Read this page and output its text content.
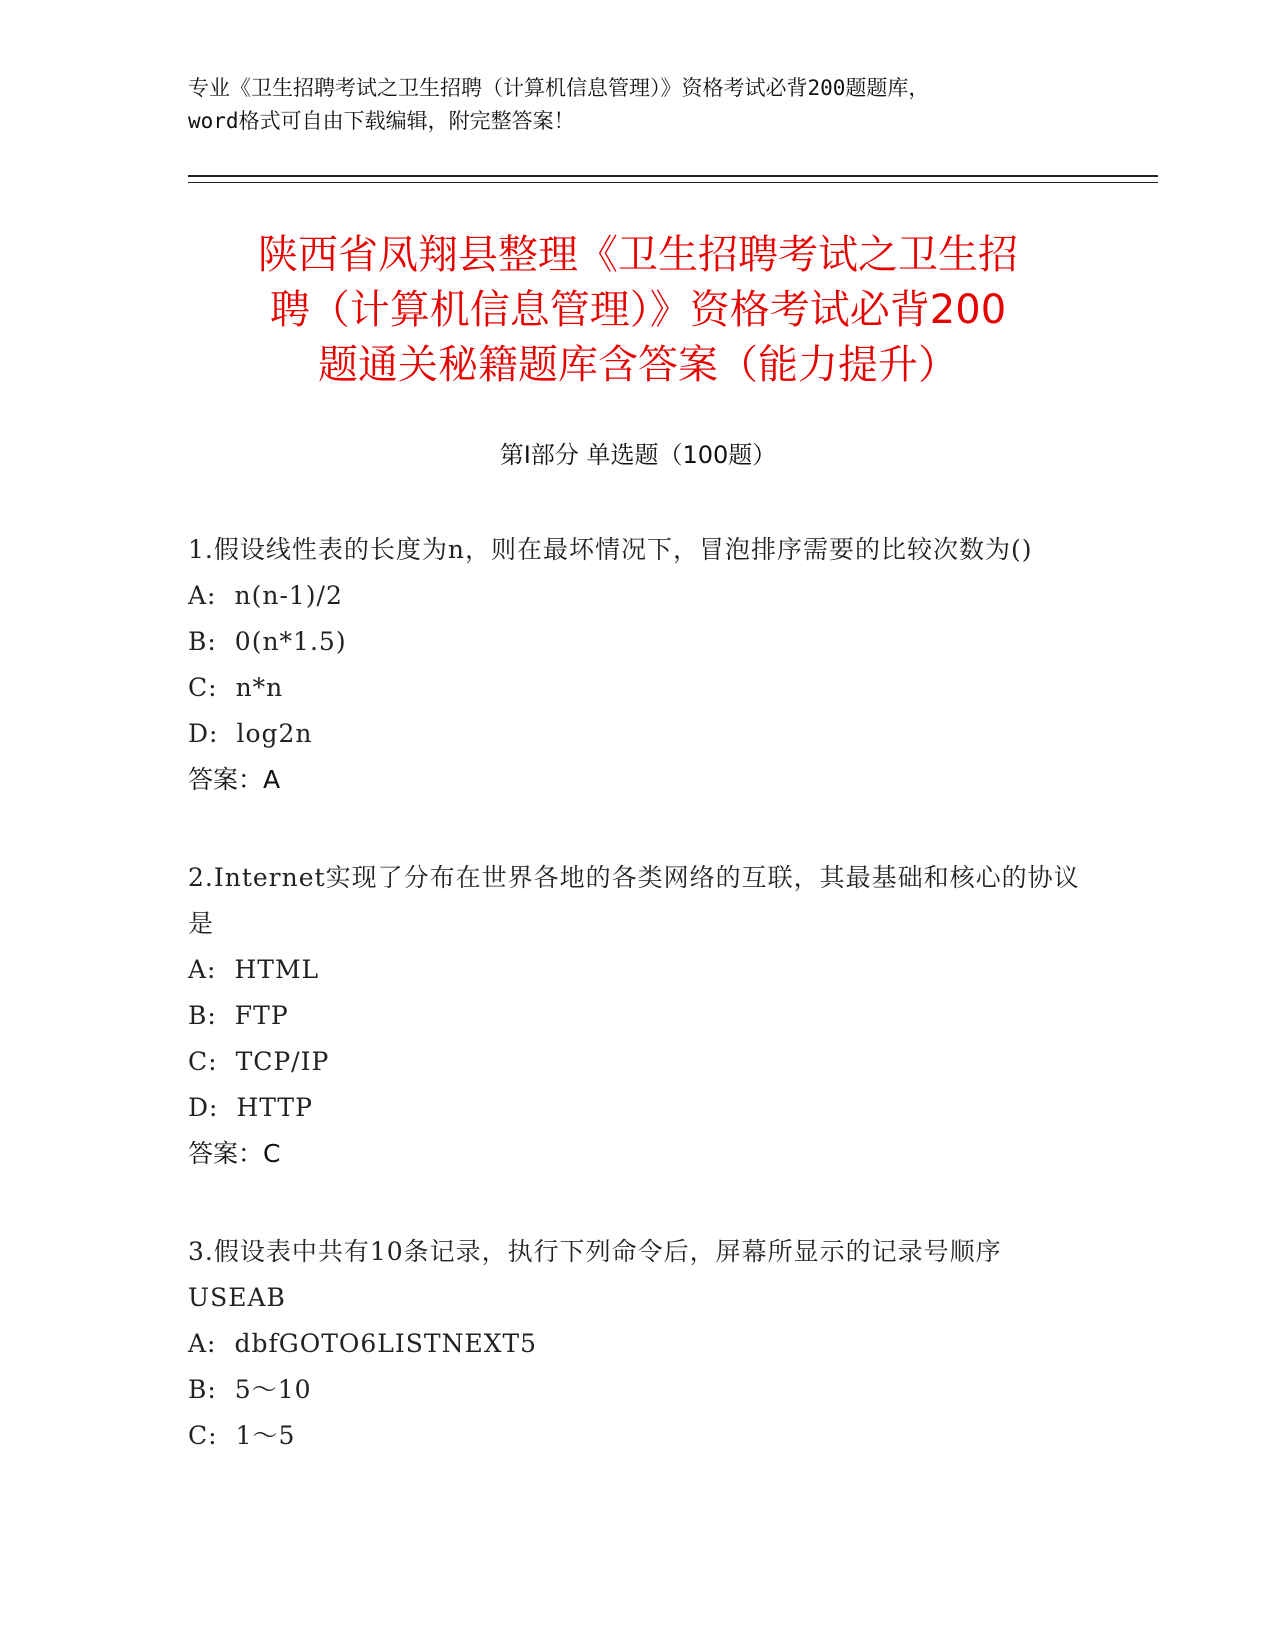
专业《卫生招聘考试之卫生招聘（计算机信息管理）》资格考试必背200题题库，
word格式可自由下载编辑，附完整答案！
陕西省凤翔县整理《卫生招聘考试之卫生招
聘（计算机信息管理）》资格考试必背200
题通关秘籍题库含答案（能力提升）
第I部分 单选题（100题）
1.假设线性表的长度为n，则在最坏情况下，冒泡排序需要的比较次数为()
A: n(n-1)/2
B: 0(n*1.5)
C: n*n
D: log2n
答案：A
2.Internet实现了分布在世界各地的各类网络的互联，其最基础和核心的协议是
A: HTML
B: FTP
C: TCP/IP
D: HTTP
答案：C
3.假设表中共有10条记录，执行下列命令后，屏幕所显示的记录号顺序USEAB
A: dbfGOTO6LISTNEXT5
B: 5～10
C: 1～5
